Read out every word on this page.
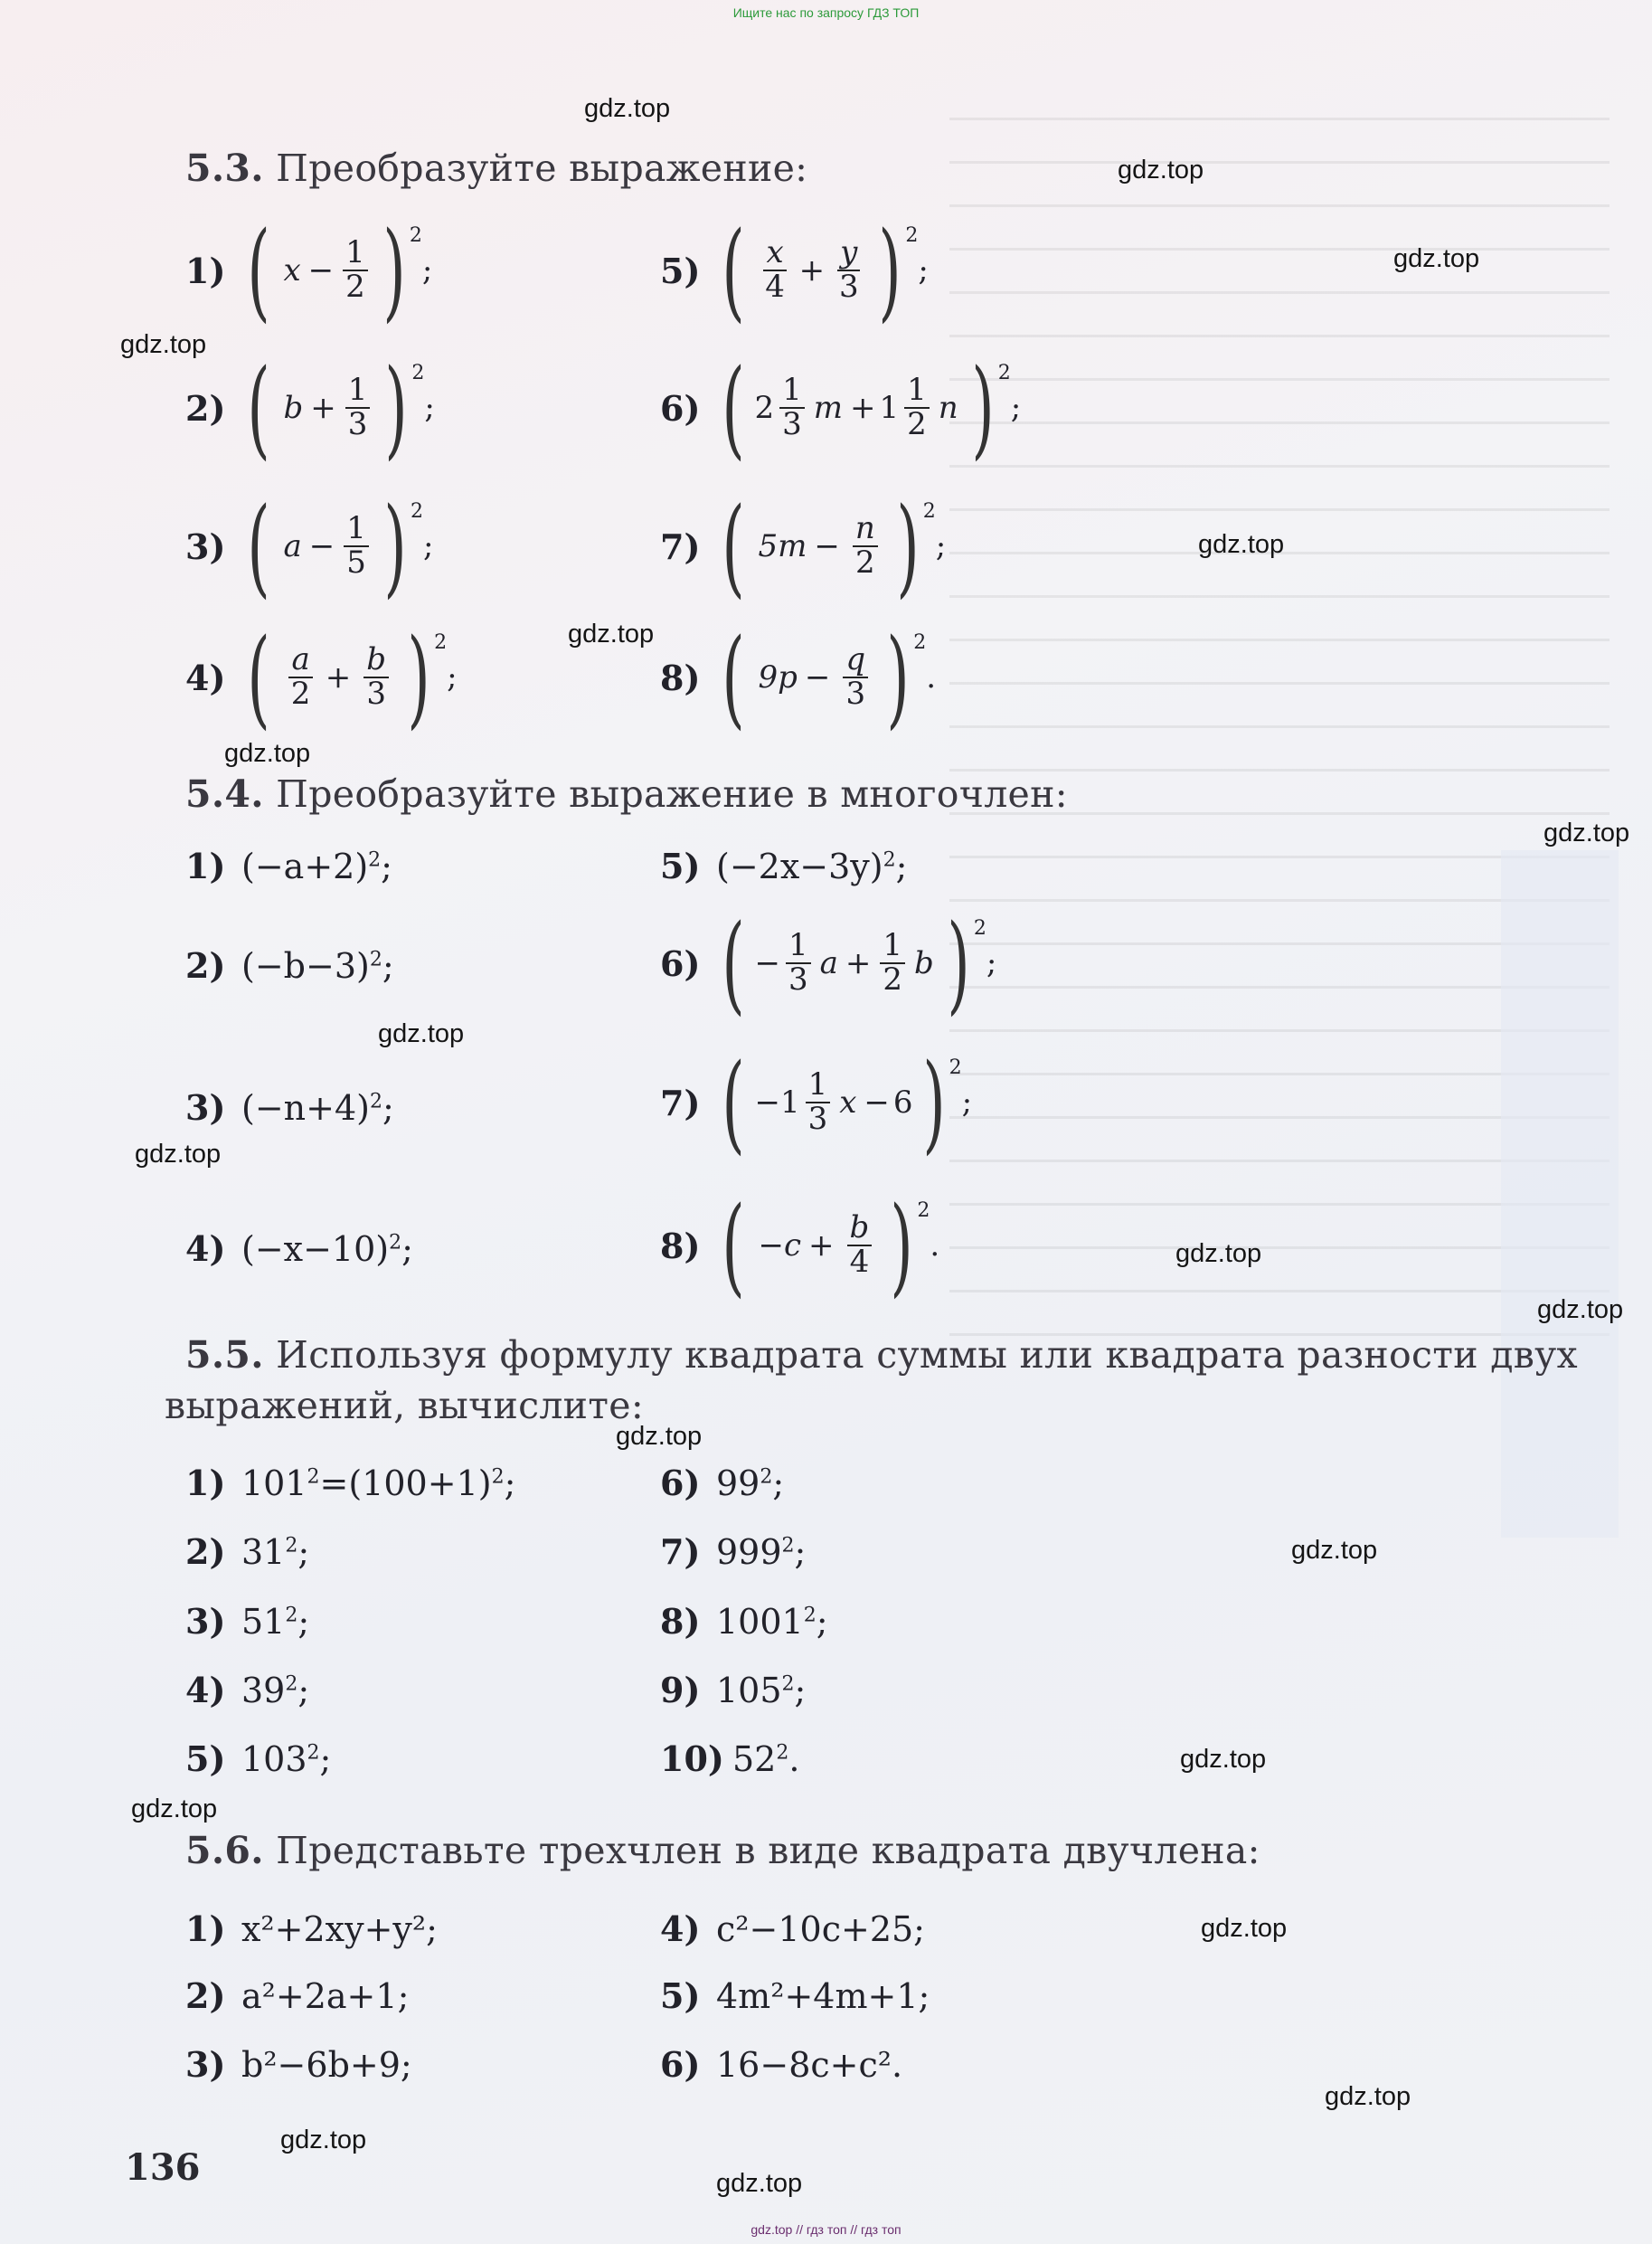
Ищите нас по запросу ГДЗ ТОП
gdz.top
gdz.top
gdz.top
gdz.top
gdz.top
gdz.top
gdz.top
gdz.top
gdz.top
gdz.top
gdz.top
gdz.top
gdz.top
gdz.top
gdz.top
gdz.top
gdz.top
gdz.top
gdz.top
gdz.top
5.3. Преобразуйте выражение:
1) ( $x - \frac{1}{2}$ ) 2
;
2) ( $b + \frac{1}{3}$ ) 2
;
3) ( $a - \frac{1}{5}$ ) 2
;
4) ( $\frac{a}{2} + \frac{b}{3}$ ) 2
;
5) ( $\frac{x}{4} + \frac{y}{3}$ ) 2
;
6) ( $2 \frac{1}{3}$ $m + 1 \frac{1}{2}$ n ) 2
;
7) ( $5m - \frac{n}{2}$ ) 2
;
8) ( $9p - \frac{q}{3}$ ) 2
.
5.4. Преобразуйте выражение в многочлен:
1) $(-a+2)^2$;
2) $(-b-3)^2$;
3) $(-n+4)^2$;
4) $(-x-10)^2$;
5) $(-2x-3y)^2$;
6) ( − $\frac{1}{3}$ $a + \frac{1}{2}$ b ) 2
;
7) ( $-1 \frac{1}{3}$ x − 6 ) 2
;
8) ( $-c + \frac{b}{4}$ ) 2
.
5.5. Используя формулу квадрата суммы или квадрата разности двух выражений, вычислите:
1) $101^2=(100+1)^2$;
2) $31^2$;
3) $51^2$;
4) $39^2$;
5) $103^2$;
6) $99^2$;
7) $999^2$;
8) 1001$^2$;
9) $105^2$;
10) $52^2$.
5.6. Представьте трехчлен в виде квадрата двучлена:
1) x²+2xy+y²;
2) a²+2a+1;
3) b²−6b+9;
4) c²−10c+25;
5) 4m²+4m+1;
6) 16−8c+c².
136
gdz.top // гдз топ // гдз топ
